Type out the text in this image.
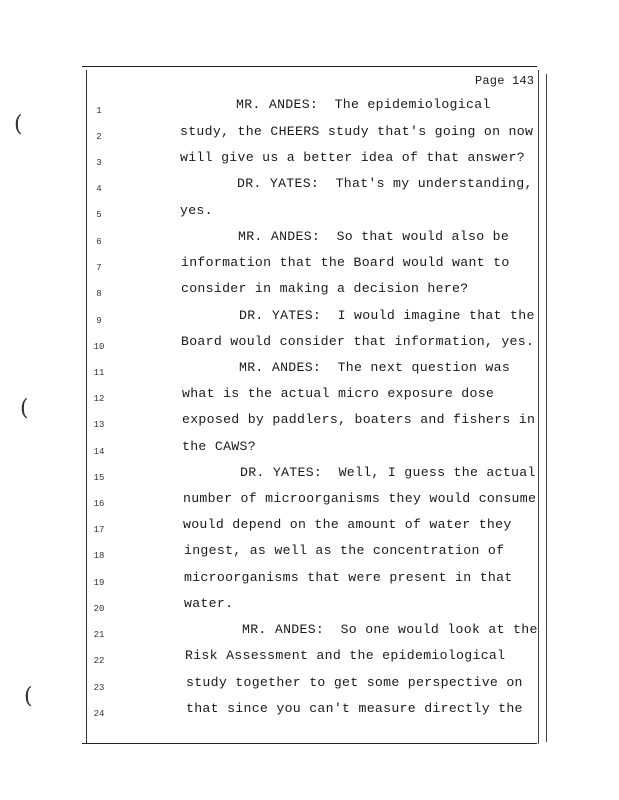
(
(
(
Page 143
1
2
3
4
5
6
7
8
9
10
11
12
13
14
15
16
17
18
19
20
21
22
23
24
MR. ANDES:  The epidemiological
study, the CHEERS study that's going on now
will give us a better idea of that answer?
DR. YATES:  That's my understanding,
yes.
MR. ANDES:  So that would also be
information that the Board would want to
consider in making a decision here?
DR. YATES:  I would imagine that the
Board would consider that information, yes.
MR. ANDES:  The next question was
what is the actual micro exposure dose
exposed by paddlers, boaters and fishers in
the CAWS?
DR. YATES:  Well, I guess the actual
number of microorganisms they would consume
would depend on the amount of water they
ingest, as well as the concentration of
microorganisms that were present in that
water.
MR. ANDES:  So one would look at the
Risk Assessment and the epidemiological
study together to get some perspective on
that since you can't measure directly the
